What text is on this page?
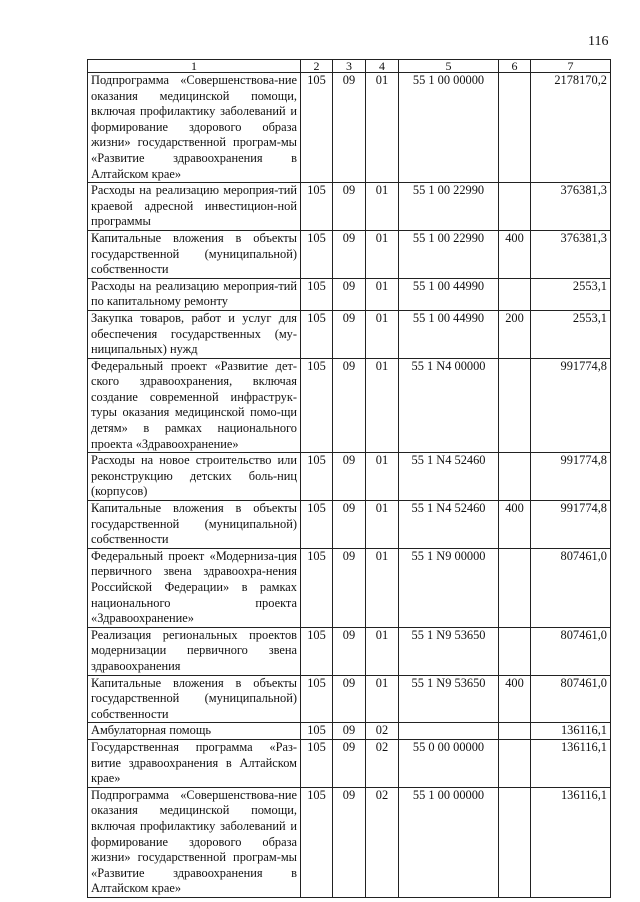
116
1	2	3	4	5	6	7
Подпрограмма «Совершенствова-ние оказания медицинской помощи, включая профилактику заболеваний и формирование здорового образа жизни» государственной програм-мы «Развитие здравоохранения в Алтайском крае»	105	09	01	55 1 00 00000		2178170,2
Расходы на реализацию мероприя-тий краевой адресной инвестицион-ной программы	105	09	01	55 1 00 22990		376381,3
Капитальные вложения в объекты государственной (муниципальной) собственности	105	09	01	55 1 00 22990	400	376381,3
Расходы на реализацию мероприя-тий по капитальному ремонту	105	09	01	55 1 00 44990		2553,1
Закупка товаров, работ и услуг для обеспечения государственных (му-ниципальных) нужд	105	09	01	55 1 00 44990	200	2553,1
Федеральный проект «Развитие дет-ского здравоохранения, включая создание современной инфраструк-туры оказания медицинской помо-щи детям» в рамках национального проекта «Здравоохранение»	105	09	01	55 1 N4 00000		991774,8
Расходы на новое строительство или реконструкцию детских боль-ниц (корпусов)	105	09	01	55 1 N4 52460		991774,8
Капитальные вложения в объекты государственной (муниципальной) собственности	105	09	01	55 1 N4 52460	400	991774,8
Федеральный проект «Модерниза-ция первичного звена здравоохра-нения Российской Федерации» в рамках национального проекта «Здравоохранение»	105	09	01	55 1 N9 00000		807461,0
Реализация региональных проектов модернизации первичного звена здравоохранения	105	09	01	55 1 N9 53650		807461,0
Капитальные вложения в объекты государственной (муниципальной) собственности	105	09	01	55 1 N9 53650	400	807461,0
Амбулаторная помощь	105	09	02			136116,1
Государственная программа «Раз-витие здравоохранения в Алтайском крае»	105	09	02	55 0 00 00000		136116,1
Подпрограмма «Совершенствова-ние оказания медицинской помощи, включая профилактику заболеваний и формирование здорового образа жизни» государственной програм-мы «Развитие здравоохранения в Алтайском крае»	105	09	02	55 1 00 00000		136116,1
